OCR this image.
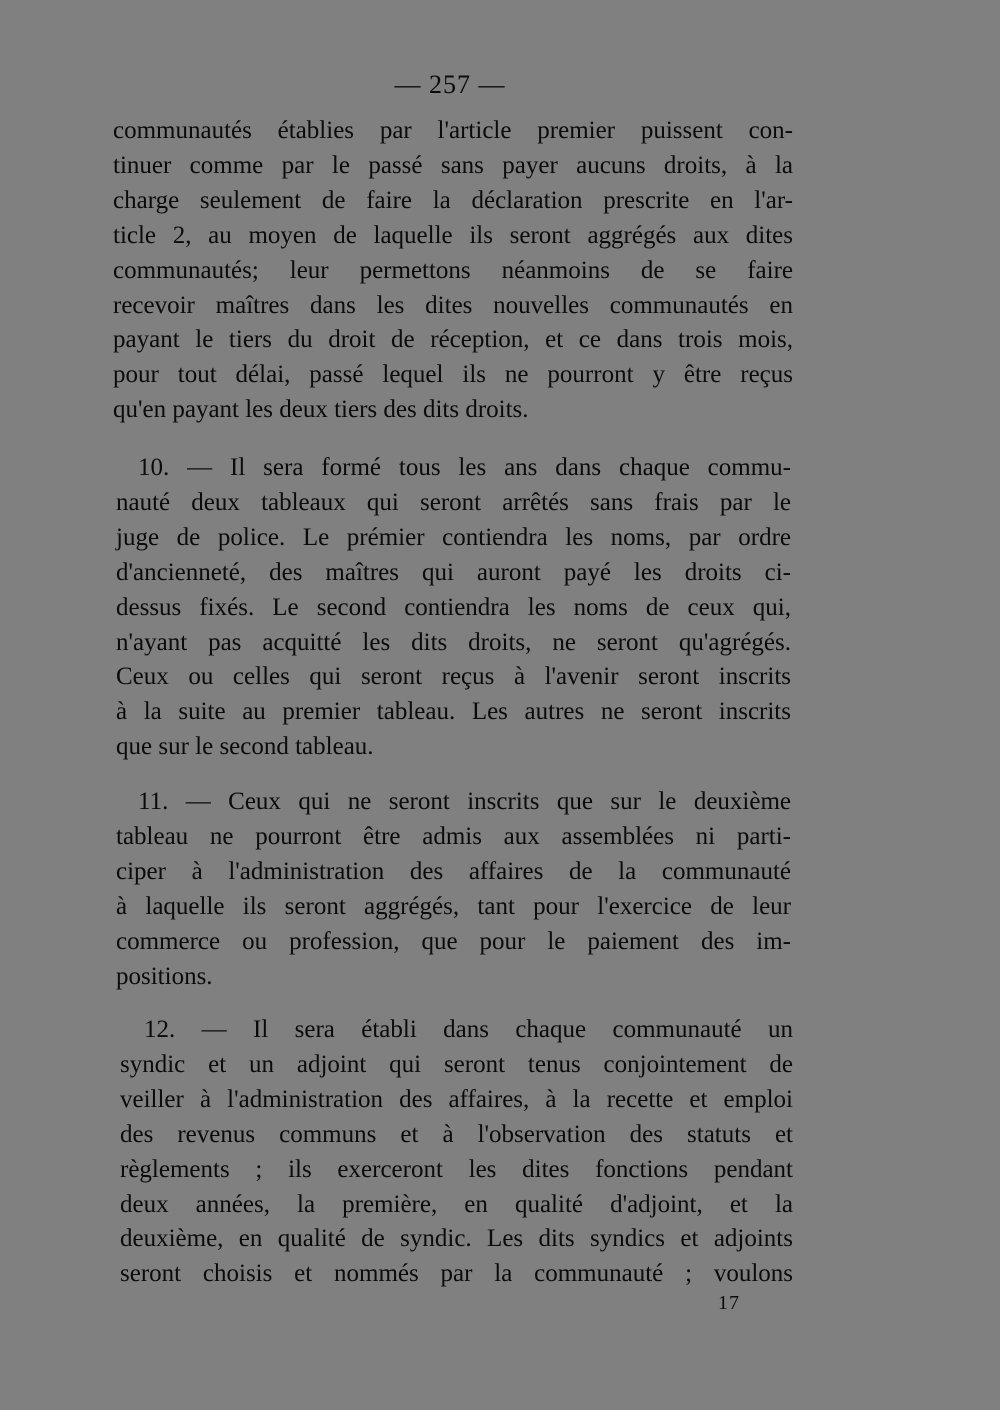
— 257 —
communautés établies par l'article premier puissent con-
tinuer comme par le passé sans payer aucuns droits, à la
charge seulement de faire la déclaration prescrite en l'ar-
ticle 2, au moyen de laquelle ils seront aggrégés aux dites
communautés; leur permettons néanmoins de se faire
recevoir maîtres dans les dites nouvelles communautés en
payant le tiers du droit de réception, et ce dans trois mois,
pour tout délai, passé lequel ils ne pourront y être reçus
qu'en payant les deux tiers des dits droits.
10. — Il sera formé tous les ans dans chaque commu-
nauté deux tableaux qui seront arrêtés sans frais par le
juge de police. Le prémier contiendra les noms, par ordre
d'ancienneté, des maîtres qui auront payé les droits ci-
dessus fixés. Le second contiendra les noms de ceux qui,
n'ayant pas acquitté les dits droits, ne seront qu'agrégés.
Ceux ou celles qui seront reçus à l'avenir seront inscrits
à la suite au premier tableau. Les autres ne seront inscrits
que sur le second tableau.
11. — Ceux qui ne seront inscrits que sur le deuxième
tableau ne pourront être admis aux assemblées ni parti-
ciper à l'administration des affaires de la communauté
à laquelle ils seront aggrégés, tant pour l'exercice de leur
commerce ou profession, que pour le paiement des im-
positions.
12. — Il sera établi dans chaque communauté un
syndic et un adjoint qui seront tenus conjointement de
veiller à l'administration des affaires, à la recette et emploi
des revenus communs et à l'observation des statuts et
règlements ; ils exerceront les dites fonctions pendant
deux années, la première, en qualité d'adjoint, et la
deuxième, en qualité de syndic. Les dits syndics et adjoints
seront choisis et nommés par la communauté ; voulons
17
